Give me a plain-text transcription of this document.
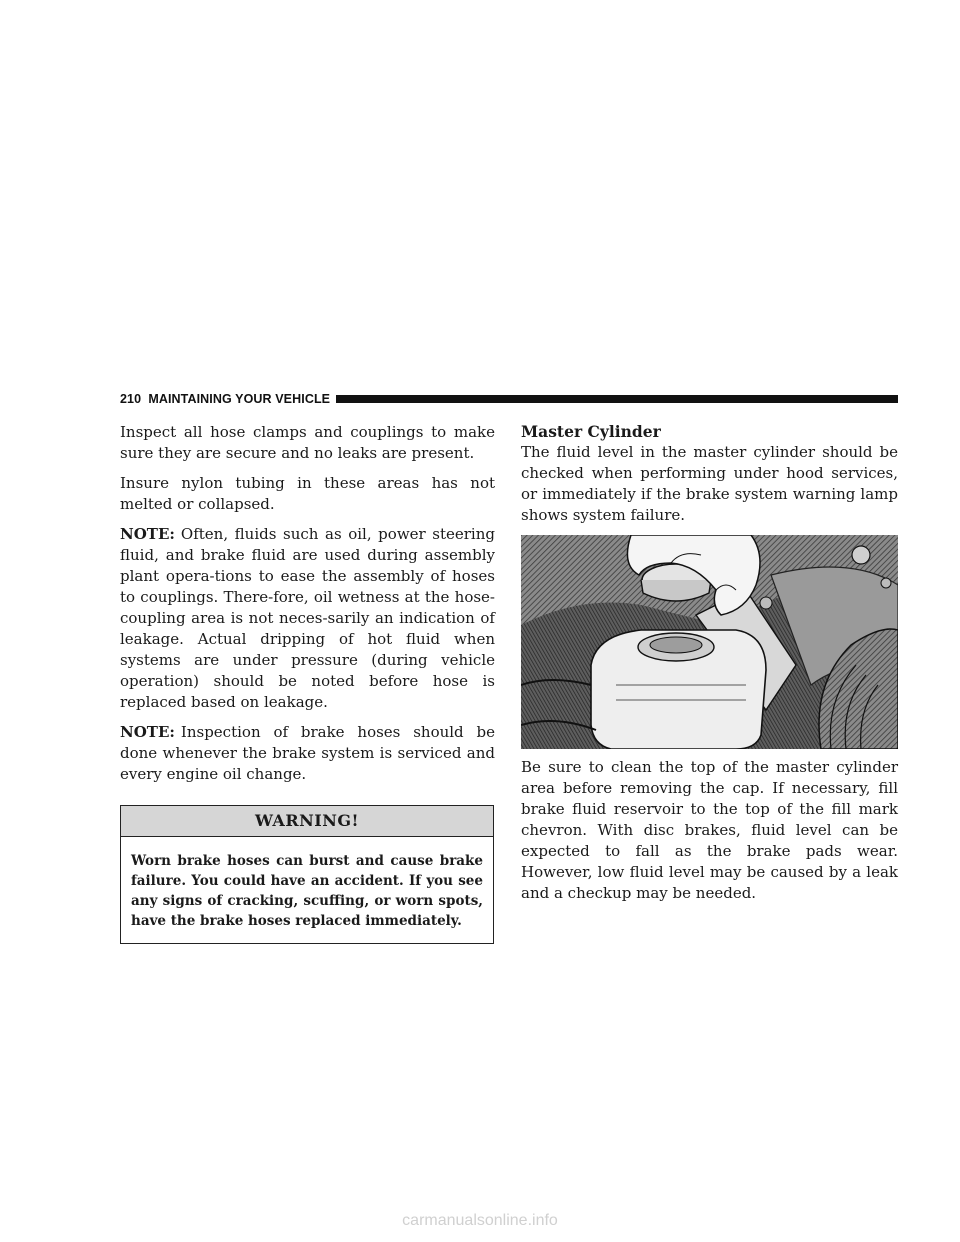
210 MAINTAINING YOUR VEHICLE

Inspect all hose clamps and couplings to make sure they are secure and no leaks are present.

Insure nylon tubing in these areas has not melted or collapsed.

NOTE: Often, fluids such as oil, power steering fluid, and brake fluid are used during assembly plant opera-tions to ease the assembly of hoses to couplings. There-fore, oil wetness at the hose-coupling area is not neces-sarily an indication of leakage. Actual dripping of hot fluid when systems are under pressure (during vehicle operation) should be noted before hose is replaced based on leakage.

NOTE: Inspection of brake hoses should be done whenever the brake system is serviced and every engine oil change.

WARNING!
Worn brake hoses can burst and cause brake failure. You could have an accident. If you see any signs of cracking, scuffing, or worn spots, have the brake hoses replaced immediately.
Master Cylinder

The fluid level in the master cylinder should be checked when performing under hood services, or immediately if the brake system warning lamp shows system failure.

Be sure to clean the top of the master cylinder area before removing the cap. If necessary, fill brake fluid reservoir to the top of the fill mark chevron. With disc brakes, fluid level can be expected to fall as the brake pads wear. However, low fluid level may be caused by a leak and a checkup may be needed.

carmanualsonline.info
